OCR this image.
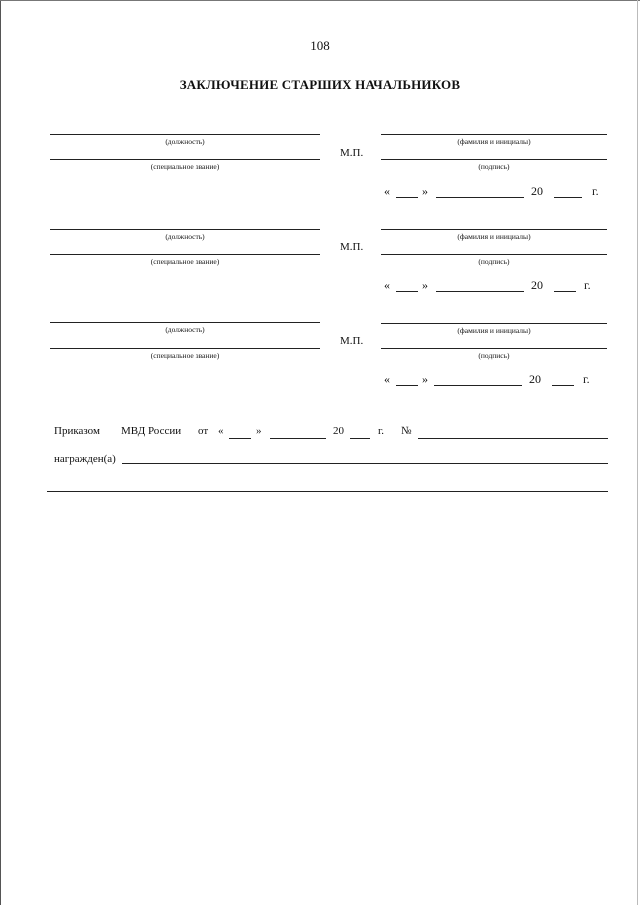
108
ЗАКЛЮЧЕНИЕ СТАРШИХ НАЧАЛЬНИКОВ
(должность)
(специальное звание)
М.П.
(фамилия и инициалы)
(подпись)
«	»	20	г.
(должность)
(специальное звание)
М.П.
(фамилия и инициалы)
(подпись)
«	»	20	г.
(должность)
(специальное звание)
М.П.
(фамилия и инициалы)
(подпись)
«	»	20	г.
Приказом МВД России от «	»	20	г. №
награжден(а)
